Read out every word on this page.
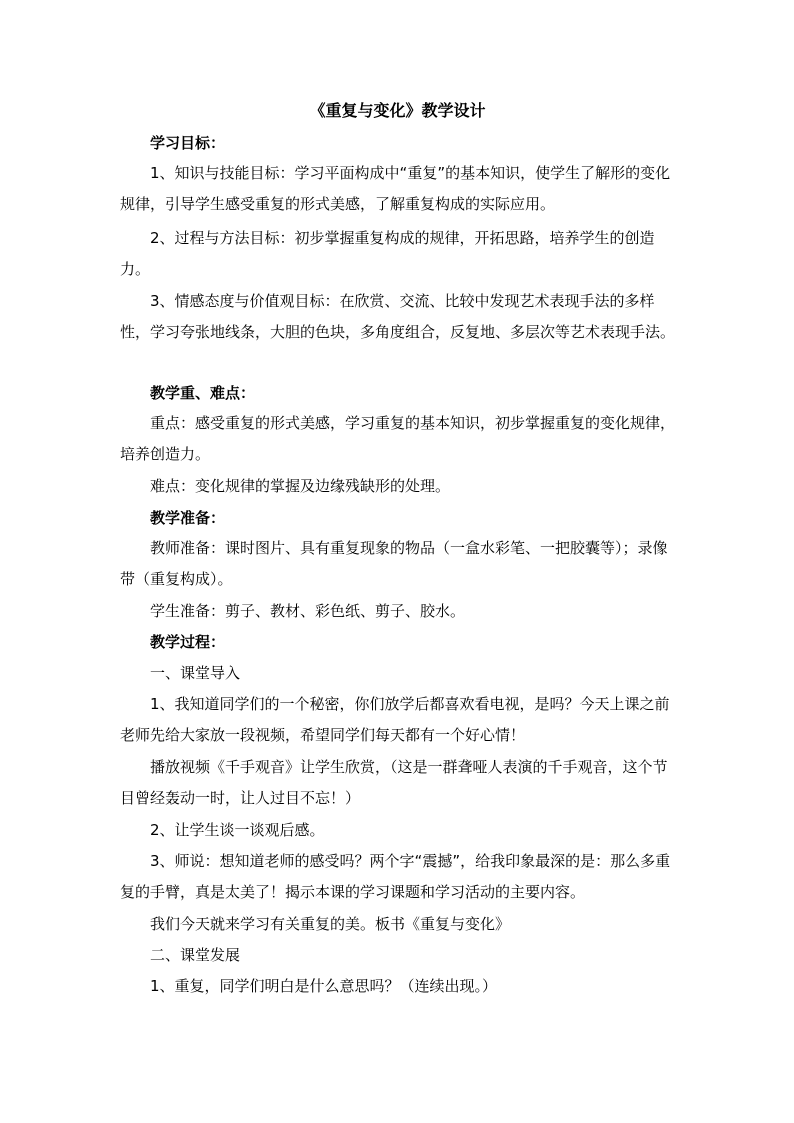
《重复与变化》教学设计
学习目标：
1、知识与技能目标：学习平面构成中“重复”的基本知识，使学生了解形的变化规律，引导学生感受重复的形式美感，了解重复构成的实际应用。
2、过程与方法目标：初步掌握重复构成的规律，开拓思路，培养学生的创造力。
3、情感态度与价值观目标：在欣赏、交流、比较中发现艺术表现手法的多样性，学习夸张地线条，大胆的色块，多角度组合，反复地、多层次等艺术表现手法。
教学重、难点：
重点：感受重复的形式美感，学习重复的基本知识，初步掌握重复的变化规律，培养创造力。
难点：变化规律的掌握及边缘残缺形的处理。
教学准备：
教师准备：课时图片、具有重复现象的物品（一盒水彩笔、一把胶囊等）；录像带（重复构成）。
学生准备：剪子、教材、彩色纸、剪子、胶水。
教学过程：
一、课堂导入
1、我知道同学们的一个秘密，你们放学后都喜欢看电视，是吗？今天上课之前老师先给大家放一段视频，希望同学们每天都有一个好心情！
播放视频《千手观音》让学生欣赏，（这是一群聋哑人表演的千手观音，这个节目曾经轰动一时，让人过目不忘！）
2、让学生谈一谈观后感。
3、师说：想知道老师的感受吗？两个字“震撼”，给我印象最深的是：那么多重复的手臂，真是太美了！揭示本课的学习课题和学习活动的主要内容。
我们今天就来学习有关重复的美。板书《重复与变化》
二、课堂发展
1、重复，同学们明白是什么意思吗？（连续出现。）
